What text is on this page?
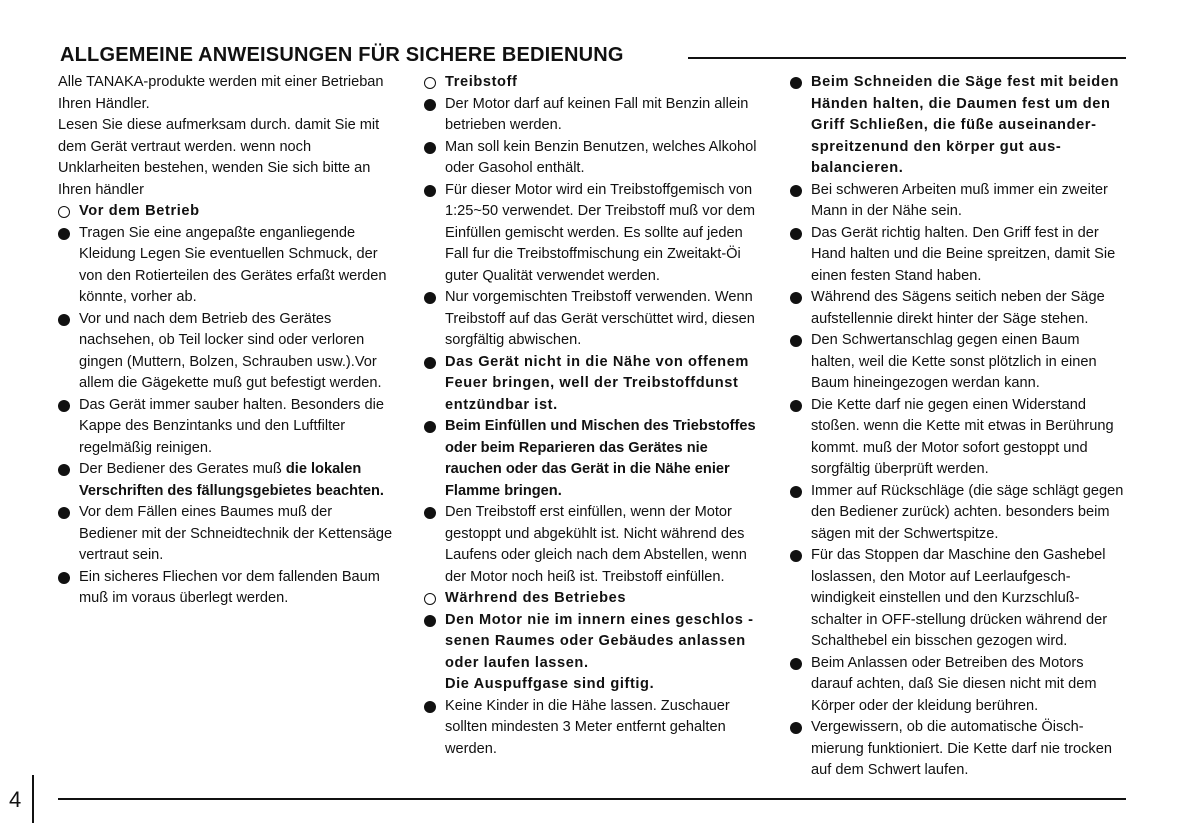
ALLGEMEINE ANWEISUNGEN FÜR SICHERE BEDIENUNG

Alle TANAKA-produkte werden mit einer Betrieban Ihren Händler.

Lesen Sie diese aufmerksam durch. damit Sie mit dem Gerät vertraut werden. wenn noch Unklarheiten bestehen, wenden Sie sich bitte an Ihren händler

Vor dem Betrieb
Tragen Sie eine angepaßte enganliegende Kleidung Legen Sie eventuellen Schmuck, der von den Rotierteilen des Gerätes erfaßt werden könnte, vorher ab.
Vor und nach dem Betrieb des Gerätes nachsehen, ob Teil locker sind oder verloren gingen (Muttern, Bolzen, Schrauben usw.).Vor allem die Gägekette muß gut befestigt werden.
Das Gerät immer sauber halten. Besonders die Kappe des Benzintanks und den Luftfilter regelmäßig reinigen.
Der Bediener des Gerates muß die lokalen Verschriften des fällungsgebietes beachten.
Vor dem Fällen eines Baumes muß der Bediener mit der Schneidtechnik der Kettensäge vertraut sein.
Ein sicheres Fliechen vor dem fallenden Baum muß im voraus überlegt werden.
Treibstoff
Der Motor darf auf keinen Fall mit Benzin allein betrieben werden.
Man soll kein Benzin Benutzen, welches Alkohol oder Gasohol enthält.
Für dieser Motor wird ein Treibstoffgemisch von 1:25~50 verwendet. Der Treibstoff muß vor dem Einfüllen gemischt werden. Es sollte auf jeden Fall fur die Treibstoffmischung ein Zweitakt-Öi guter Qualität verwendet werden.
Nur vorgemischten Treibstoff verwenden. Wenn Treibstoff auf das Gerät verschüttet wird, diesen sorgfältig abwischen.
Das Gerät nicht in die Nähe von offenem Feuer bringen, well der Treibstoffdunst entzündbar ist.
Beim Einfüllen und Mischen des Triebstoffes oder beim Reparieren das Gerätes nie rauchen oder das Gerät in die Nähe enier Flamme bringen.
Den Treibstoff erst einfüllen, wenn der Motor gestoppt und abgekühlt ist. Nicht während des Laufens oder gleich nach dem Abstellen, wenn der Motor noch heiß ist. Treibstoff einfüllen.
Wärhrend des Betriebes
Den Motor nie im innern eines geschlos -senen Raumes oder Gebäudes anlassen oder laufen lassen.
Die Auspuffgase sind giftig.
Keine Kinder in die Hähe lassen. Zuschauer sollten mindesten 3 Meter entfernt gehalten werden.
Beim Schneiden die Säge fest mit beiden Händen halten, die Daumen fest um den Griff Schließen, die füße auseinander-spreitzenund den körper gut aus-balancieren.
Bei schweren Arbeiten muß immer ein zweiter Mann in der Nähe sein.
Das Gerät richtig halten. Den Griff fest in der Hand halten und die Beine spreitzen, damit Sie einen festen Stand haben.
Während des Sägens seitich neben der Säge aufstellennie direkt hinter der Säge stehen.
Den Schwertanschlag gegen einen Baum halten, weil die Kette sonst plötzlich in einen Baum hineingezogen werdan kann.
Die Kette darf nie gegen einen Widerstand stoßen. wenn die Kette mit etwas in Berührung kommt. muß der Motor sofort gestoppt und sorgfältig überprüft werden.
Immer auf Rückschläge (die säge schlägt gegen den Bediener zurück) achten. besonders beim sägen mit der Schwertspitze.
Für das Stoppen dar Maschine den Gashebel loslassen, den Motor auf Leerlaufgesch-windigkeit einstellen und den Kurzschluß-schalter in OFF-stellung drücken während der Schalthebel ein bisschen gezogen wird.
Beim Anlassen oder Betreiben des Motors darauf achten, daß Sie diesen nicht mit dem Körper oder der kleidung berühren.
Vergewissern, ob die automatische Öisch-mierung funktioniert. Die Kette darf nie trocken auf dem Schwert laufen.
4
